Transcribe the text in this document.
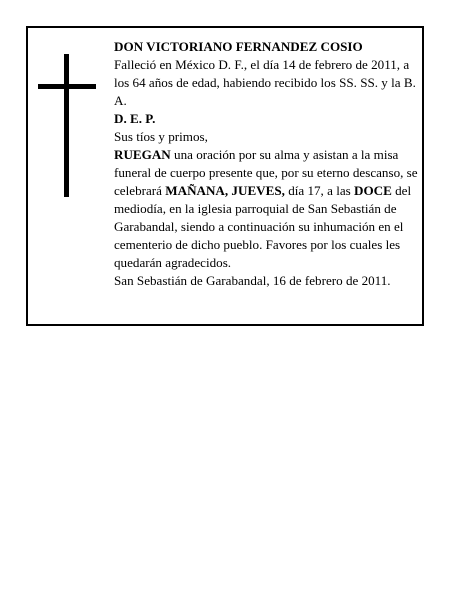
DON VICTORIANO FERNANDEZ COSIO

Falleció en México D. F., el día 14 de febrero de 2011, a los 64 años de edad, habiendo recibido los SS. SS. y la B. A.

D. E. P.

Sus tíos y primos,

RUEGAN una oración por su alma y asistan a la misa funeral de cuerpo presente que, por su eterno descanso, se celebrará MAÑANA, JUEVES, día 17, a las DOCE del mediodía, en la iglesia parroquial de San Sebastián de Garabandal, siendo a continuación su inhumación en el cementerio de dicho pueblo. Favores por los cuales les quedarán agradecidos.

San Sebastián de Garabandal, 16 de febrero de 2011.
